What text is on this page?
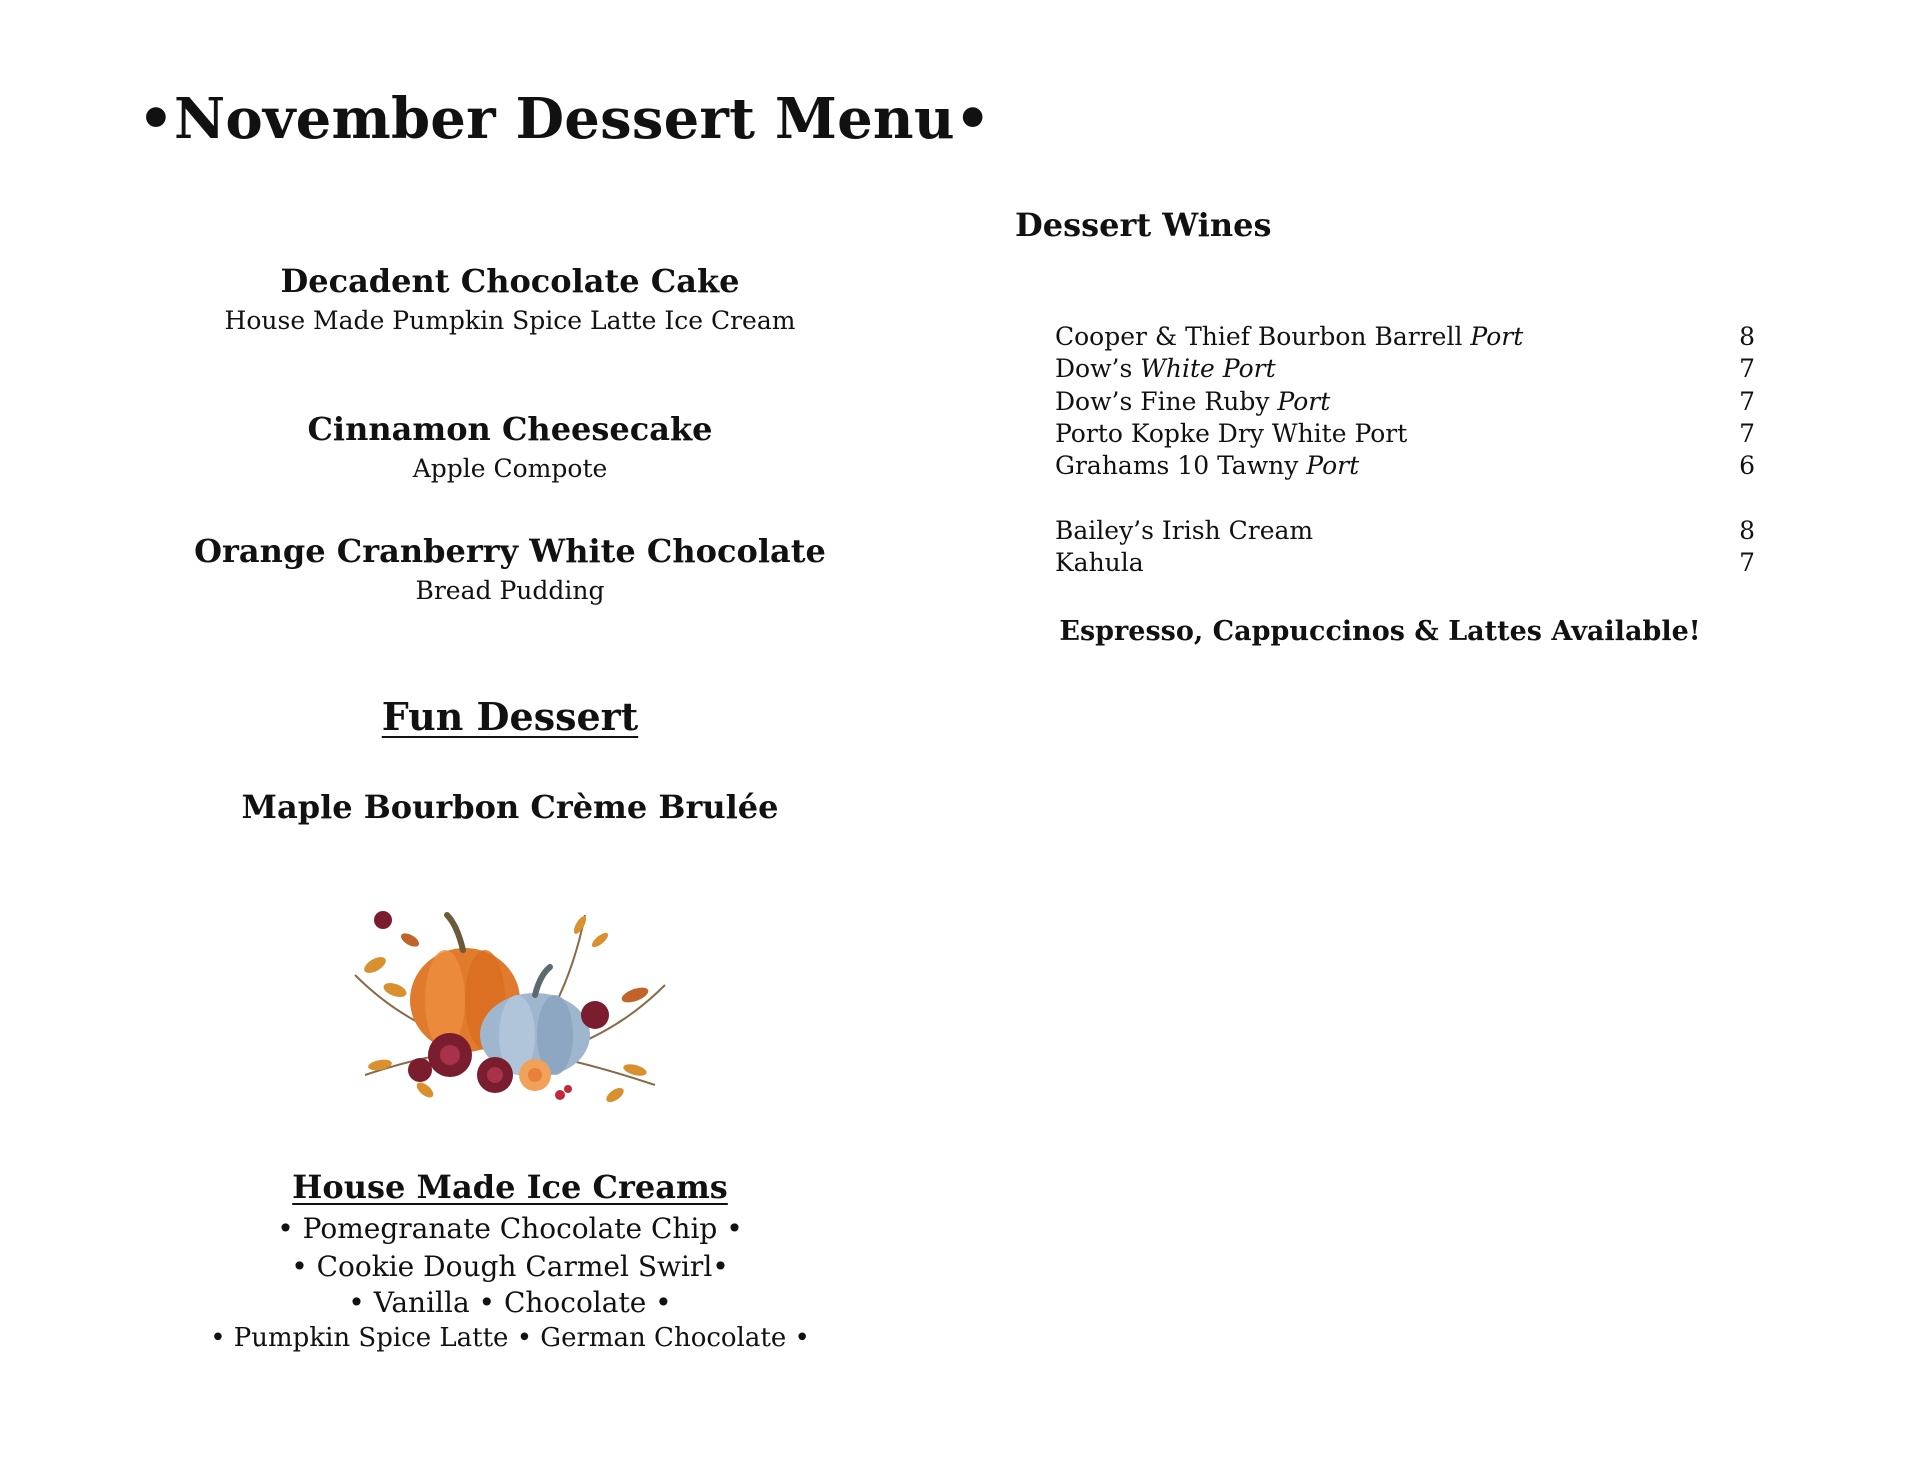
•November Dessert Menu•
Decadent Chocolate Cake
House Made Pumpkin Spice Latte Ice Cream
Cinnamon Cheesecake
Apple Compote
Orange Cranberry White Chocolate
Bread Pudding
Fun Dessert
Maple Bourbon Crème Brulée
House Made Ice Creams
• Pomegranate Chocolate Chip •
• Cookie Dough Carmel Swirl•
• Vanilla • Chocolate •
• Pumpkin Spice Latte • German Chocolate •
Dessert Wines
Cooper & Thief Bourbon Barrell Port	8
Dow’s White Port	7
Dow’s Fine Ruby Port	7
Porto Kopke Dry White Port	7
Grahams 10 Tawny Port	6
Bailey’s Irish Cream	8
Kahula	7
Espresso, Cappuccinos & Lattes Available!
